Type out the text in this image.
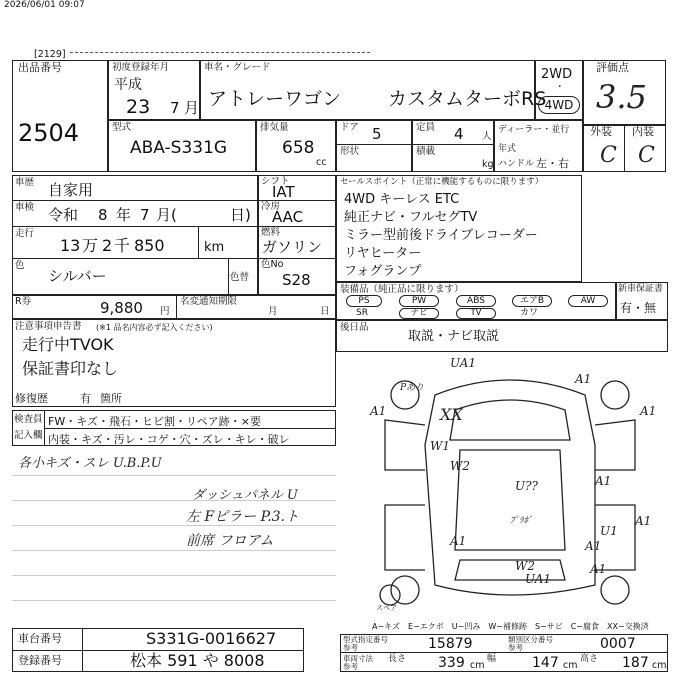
2026/06/01 09:07
[2129]
出品番号
2504
初度登録年月
平成
23 7 月
車名・グレード
アトレーワゴン カスタムターボRS
2WD
・
4WD
評価点
3.5
型式
ABA-S331G
排気量
658
cc
ドア 5
形状
定員 4 人
積載
kg
ディーラー・並行
年式
ハンドル 左・右
外装 内装
C C
車歴 自家用
車検 令和 8 年 7 月(	日)
走行
13 万 2 千 850	km
色
シルバー	色替
シフト
IAT
冷房
AAC
燃料
ガソリン
色No
S28
R券	9,880 円
名変通知期限
月	日
注意事項申告書 (※1 品名内容必ず記入ください)
走行中TVOK
保証書印なし
修復歴	有 箇所
検査員
記入欄
FW・キズ・飛石・ヒビ割・リペア跡・×要
内装・キズ・汚レ・コゲ・穴・ズレ・キレ・破レ
各小キズ・スレ U.B.P.U
ダッシュパネル U
左 Fピラー P.3.ト
前席 フロアム
セールスポイント（正常に機能するものに限ります）
4WD キーレス ETC
純正ナビ・フルセグTV
ミラー型前後ドライブレコーダー
リヤヒーター
フォグランプ
装備品（純正品に限ります）
PS	PW	ABS	エアB	AW
SR	ナビ	TV	カワ
新車保証書
有・無
後日品
取説・ナビ取説
UA1
A1
A1	A1
XX
W2
W1
U??	A1
A1
U1
A1	A1
W2
UA1
A1
ﾌﾟﾗﾎﾞ
Pあり
スペア
A−キズ　E−エクボ　U−凹み　W−補修跡　S−サビ　C−腐食　XX−交換済
車台番号	S331G-0016627
登録番号	松本 591 や 8008
型式指定番号
参考	15879	類別区分番号
参考	0007
車両寸法
参考
長さ 339 cm
幅	147 cm
高さ 187 cm
